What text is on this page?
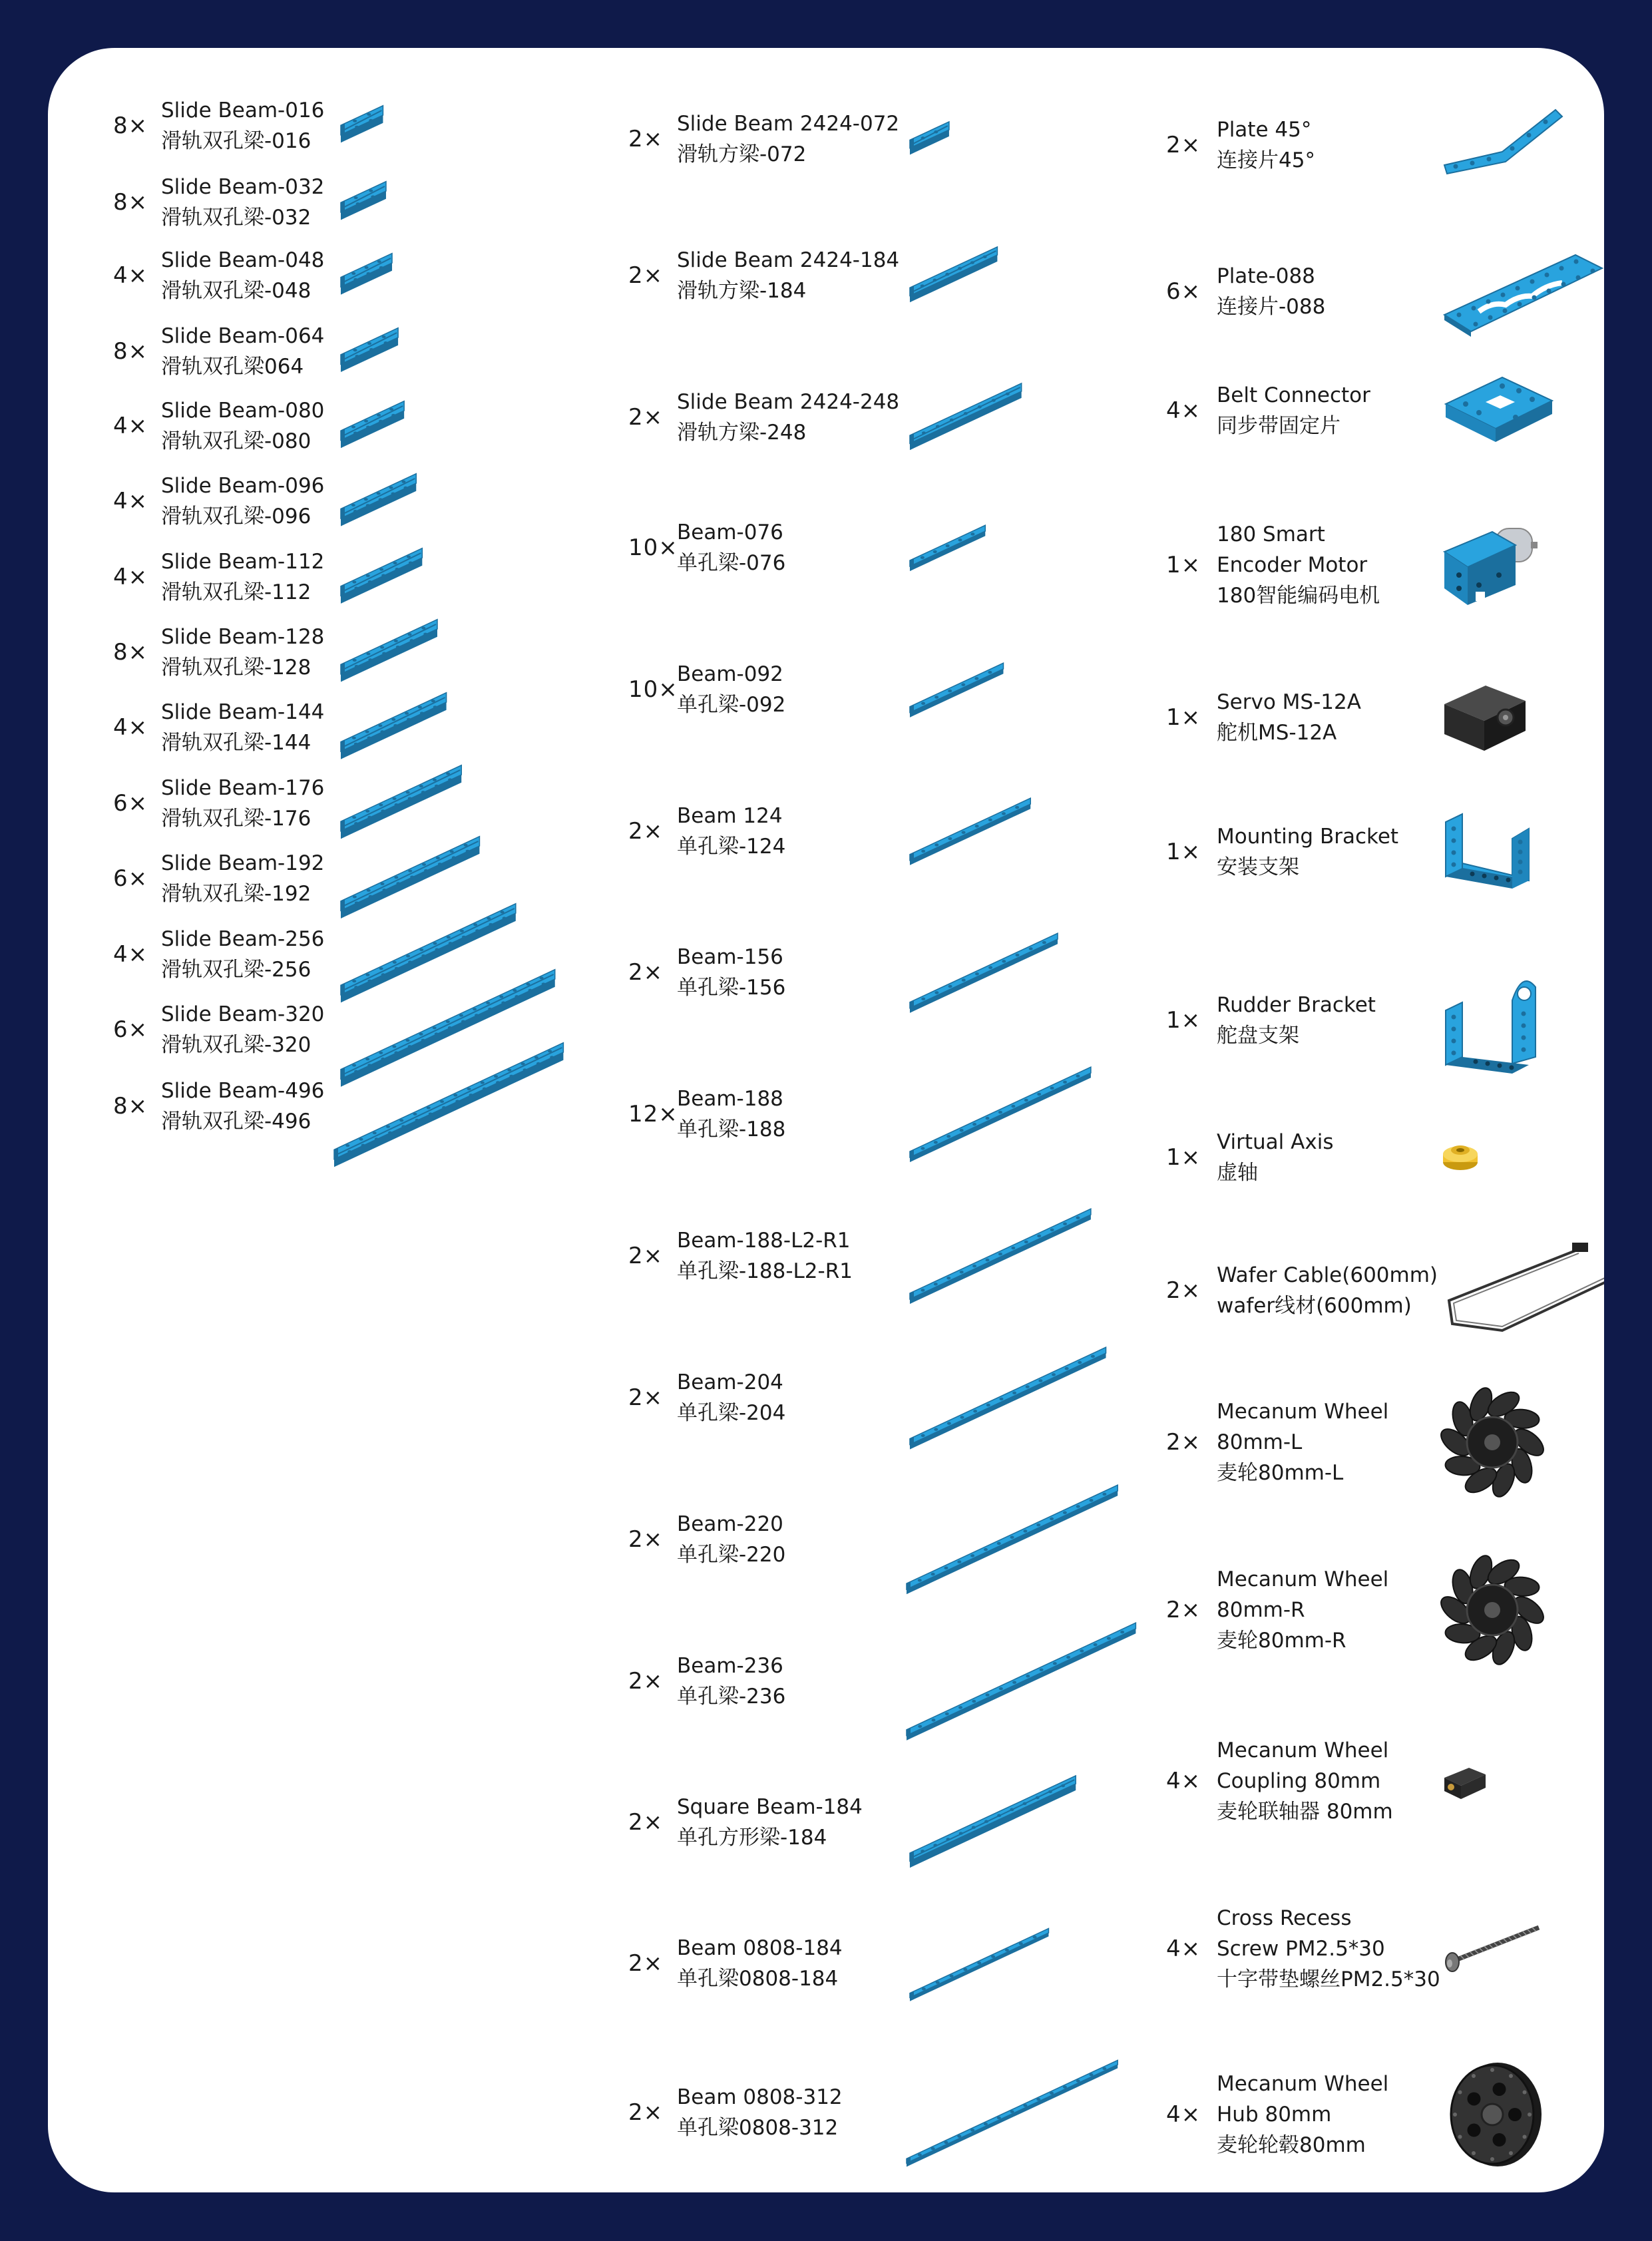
8×
Slide Beam-016
滑轨双孔梁-016
8×
Slide Beam-032
滑轨双孔梁-032
4×
Slide Beam-048
滑轨双孔梁-048
8×
Slide Beam-064
滑轨双孔梁064
4×
Slide Beam-080
滑轨双孔梁-080
4×
Slide Beam-096
滑轨双孔梁-096
4×
Slide Beam-112
滑轨双孔梁-112
8×
Slide Beam-128
滑轨双孔梁-128
4×
Slide Beam-144
滑轨双孔梁-144
6×
Slide Beam-176
滑轨双孔梁-176
6×
Slide Beam-192
滑轨双孔梁-192
4×
Slide Beam-256
滑轨双孔梁-256
6×
Slide Beam-320
滑轨双孔梁-320
8×
Slide Beam-496
滑轨双孔梁-496
2×
Slide Beam 2424-072
滑轨方梁-072
2×
Slide Beam 2424-184
滑轨方梁-184
2×
Slide Beam 2424-248
滑轨方梁-248
10×
Beam-076
单孔梁-076
10×
Beam-092
单孔梁-092
2×
Beam 124
单孔梁-124
2×
Beam-156
单孔梁-156
12×
Beam-188
单孔梁-188
2×
Beam-188-L2-R1
单孔梁-188-L2-R1
2×
Beam-204
单孔梁-204
2×
Beam-220
单孔梁-220
2×
Beam-236
单孔梁-236
2×
Square Beam-184
单孔方形梁-184
2×
Beam 0808-184
单孔梁0808-184
2×
Beam 0808-312
单孔梁0808-312
2×
Plate 45°
连接片45°
6×
Plate-088
连接片-088
4×
Belt Connector
同步带固定片
1×
180 Smart
Encoder Motor
180智能编码电机
1×
Servo MS-12A
舵机MS-12A
1×
Mounting Bracket
安装支架
1×
Rudder Bracket
舵盘支架
1×
Virtual Axis
虚轴
2×
Wafer Cable(600mm)
wafer线材(600mm)
2×
Mecanum Wheel
80mm-L
麦轮80mm-L
2×
Mecanum Wheel
80mm-R
麦轮80mm-R
4×
Mecanum Wheel
Coupling 80mm
麦轮联轴器 80mm
4×
Cross Recess
Screw PM2.5*30
十字带垫螺丝PM2.5*30
4×
Mecanum Wheel
Hub 80mm
麦轮轮毂80mm
